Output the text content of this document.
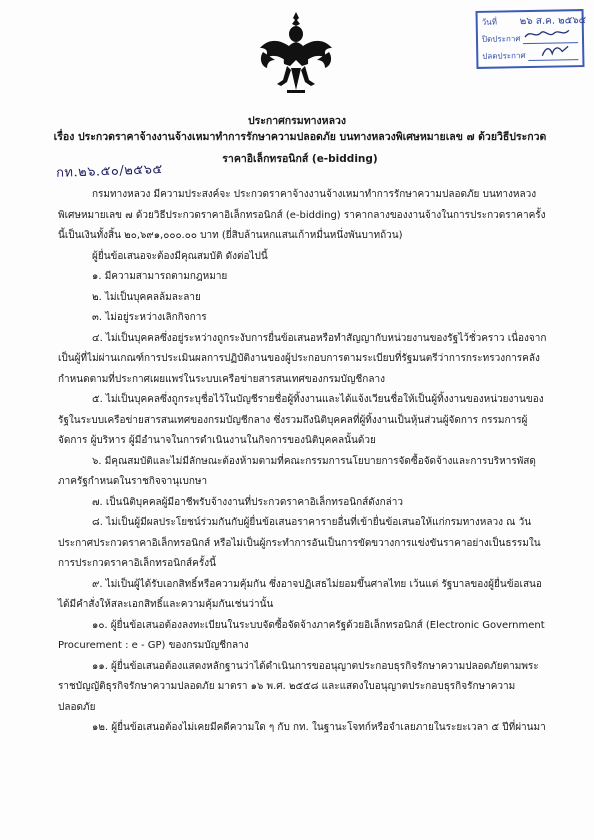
วันที่	๒๖ ส.ค. ๒๕๖๕
ปิดประกาศ
ปลดประกาศ
ประกาศกรมทางหลวง
เรื่อง ประกวดราคาจ้างงานจ้างเหมาทำการรักษาความปลอดภัย บนทางหลวงพิเศษหมายเลข ๗ ด้วยวิธีประกวด
ราคาอิเล็กทรอนิกส์ (e-bidding)
กท.๒๖.๕๐/๒๕๖๕

กรมทางหลวง มีความประสงค์จะ ประกวดราคาจ้างงานจ้างเหมาทำการรักษาความปลอดภัย บนทางหลวงพิเศษหมายเลข ๗ ด้วยวิธีประกวดราคาอิเล็กทรอนิกส์ (e-bidding) ราคากลางของงานจ้างในการประกวดราคาครั้งนี้เป็นเงินทั้งสิ้น ๒๐,๖๙๑,๐๐๐.๐๐ บาท (ยี่สิบล้านหกแสนเก้าหมื่นหนึ่งพันบาทถ้วน)

ผู้ยื่นข้อเสนอจะต้องมีคุณสมบัติ ดังต่อไปนี้

๑. มีความสามารถตามกฎหมาย

๒. ไม่เป็นบุคคลล้มละลาย

๓. ไม่อยู่ระหว่างเลิกกิจการ

๔. ไม่เป็นบุคคลซึ่งอยู่ระหว่างถูกระงับการยื่นข้อเสนอหรือทำสัญญากับหน่วยงานของรัฐไว้ชั่วคราว เนื่องจากเป็นผู้ที่ไม่ผ่านเกณฑ์การประเมินผลการปฏิบัติงานของผู้ประกอบการตามระเบียบที่รัฐมนตรีว่าการกระทรวงการคลังกำหนดตามที่ประกาศเผยแพร่ในระบบเครือข่ายสารสนเทศของกรมบัญชีกลาง

๕. ไม่เป็นบุคคลซึ่งถูกระบุชื่อไว้ในบัญชีรายชื่อผู้ทิ้งงานและได้แจ้งเวียนชื่อให้เป็นผู้ทิ้งงานของหน่วยงานของรัฐในระบบเครือข่ายสารสนเทศของกรมบัญชีกลาง ซึ่งรวมถึงนิติบุคคลที่ผู้ทิ้งงานเป็นหุ้นส่วนผู้จัดการ กรรมการผู้จัดการ ผู้บริหาร ผู้มีอำนาจในการดำเนินงานในกิจการของนิติบุคคลนั้นด้วย

๖. มีคุณสมบัติและไม่มีลักษณะต้องห้ามตามที่คณะกรรมการนโยบายการจัดซื้อจัดจ้างและการบริหารพัสดุภาครัฐกำหนดในราชกิจจานุเบกษา

๗. เป็นนิติบุคคลผู้มีอาชีพรับจ้างงานที่ประกวดราคาอิเล็กทรอนิกส์ดังกล่าว

๘. ไม่เป็นผู้มีผลประโยชน์ร่วมกันกับผู้ยื่นข้อเสนอราคารายอื่นที่เข้ายื่นข้อเสนอให้แก่กรมทางหลวง ณ วันประกาศประกวดราคาอิเล็กทรอนิกส์ หรือไม่เป็นผู้กระทำการอันเป็นการขัดขวางการแข่งขันราคาอย่างเป็นธรรมในการประกวดราคาอิเล็กทรอนิกส์ครั้งนี้

๙. ไม่เป็นผู้ได้รับเอกสิทธิ์หรือความคุ้มกัน ซึ่งอาจปฏิเสธไม่ยอมขึ้นศาลไทย เว้นแต่ รัฐบาลของผู้ยื่นข้อเสนอได้มีคำสั่งให้สละเอกสิทธิ์และความคุ้มกันเช่นว่านั้น

๑๐. ผู้ยื่นข้อเสนอต้องลงทะเบียนในระบบจัดซื้อจัดจ้างภาครัฐด้วยอิเล็กทรอนิกส์ (Electronic Government Procurement : e - GP) ของกรมบัญชีกลาง

๑๑. ผู้ยื่นข้อเสนอต้องแสดงหลักฐานว่าได้ดำเนินการขออนุญาตประกอบธุรกิจรักษาความปลอดภัยตามพระราชบัญญัติธุรกิจรักษาความปลอดภัย มาตรา ๑๖ พ.ศ. ๒๕๕๘ และแสดงใบอนุญาตประกอบธุรกิจรักษาความปลอดภัย

๑๒. ผู้ยื่นข้อเสนอต้องไม่เคยมีคดีความใด ๆ กับ กท. ในฐานะโจทก์หรือจำเลยภายในระยะเวลา ๕ ปีที่ผ่านมา
